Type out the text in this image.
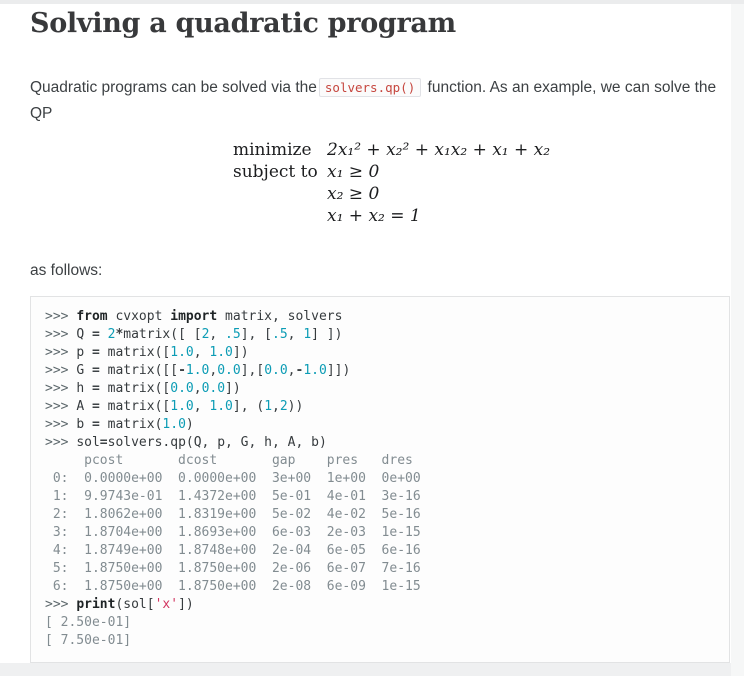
Solving a quadratic program

Quadratic programs can be solved via the solvers.qp() function. As an example, we can solve the
QP

minimize 2x₁² + x₂² + x₁x₂ + x₁ + x₂
subject to x₁ ≥ 0
x₂ ≥ 0
x₁ + x₂ = 1

as follows:

>>> from cvxopt import matrix, solvers
>>> Q = 2*matrix([ [2, .5], [.5, 1] ])
>>> p = matrix([1.0, 1.0])
>>> G = matrix([[-1.0,0.0],[0.0,-1.0]])
>>> h = matrix([0.0,0.0])
>>> A = matrix([1.0, 1.0], (1,2))
>>> b = matrix(1.0)
>>> sol=solvers.qp(Q, p, G, h, A, b)
pcost       dcost       gap    pres   dres
0:  0.0000e+00  0.0000e+00  3e+00  1e+00  0e+00
1:  9.9743e-01  1.4372e+00  5e-01  4e-01  3e-16
2:  1.8062e+00  1.8319e+00  5e-02  4e-02  5e-16
3:  1.8704e+00  1.8693e+00  6e-03  2e-03  1e-15
4:  1.8749e+00  1.8748e+00  2e-04  6e-05  6e-16
5:  1.8750e+00  1.8750e+00  2e-06  6e-07  7e-16
6:  1.8750e+00  1.8750e+00  2e-08  6e-09  1e-15
>>> print(sol['x'])
[ 2.50e-01]
[ 7.50e-01]
